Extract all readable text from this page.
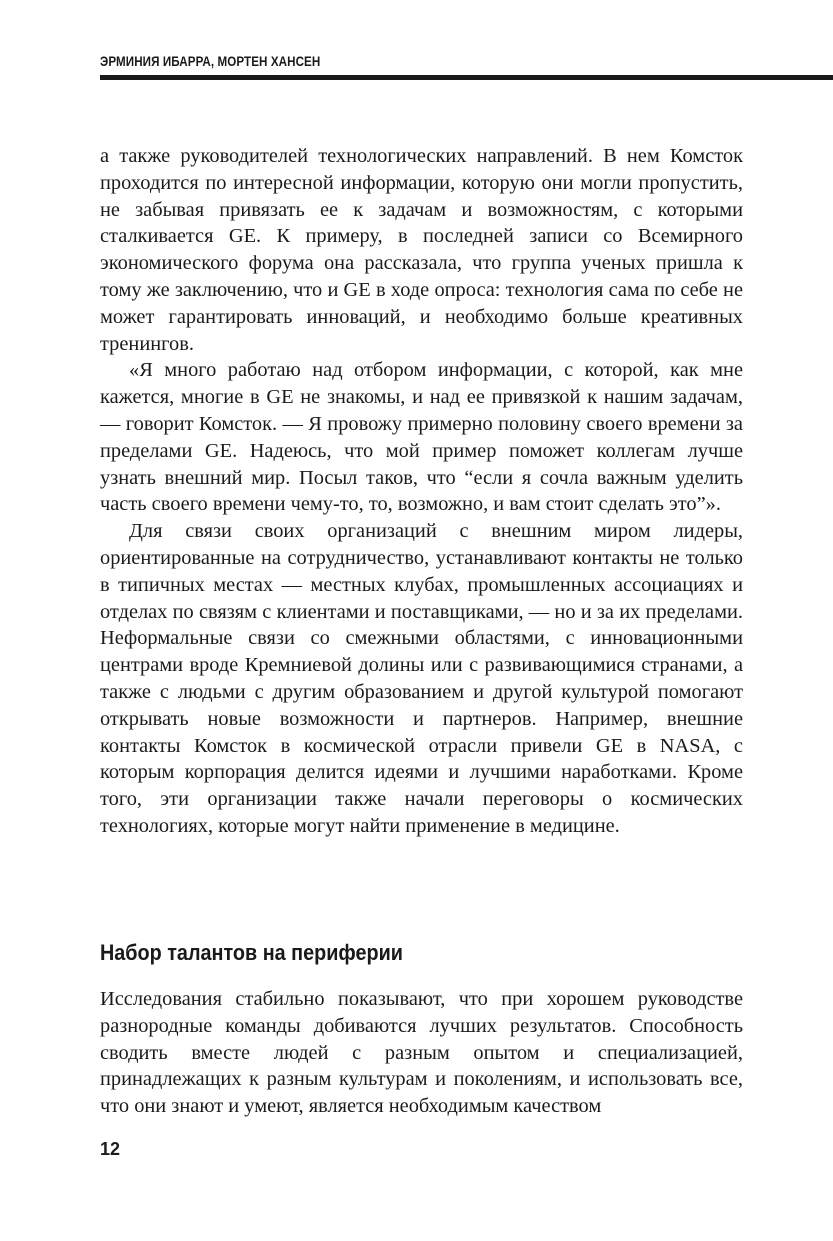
ЭРМИНИЯ ИБАРРА, МОРТЕН ХАНСЕН

а также руководителей технологических направлений. В нем Комсток проходится по интересной информации, которую они могли пропустить, не забывая привязать ее к задачам и возможностям, с которыми сталкивается GE. К примеру, в последней записи со Всемирного экономического форума она рассказала, что группа ученых пришла к тому же заключению, что и GE в ходе опроса: технология сама по себе не может гарантировать инноваций, и необходимо больше креативных тренингов.

«Я много работаю над отбором информации, с которой, как мне кажется, многие в GE не знакомы, и над ее привязкой к нашим задачам, — говорит Комсток. — Я провожу примерно половину своего времени за пределами GE. Надеюсь, что мой пример поможет коллегам лучше узнать внешний мир. Посыл таков, что “если я сочла важным уделить часть своего времени чему-то, то, возможно, и вам стоит сделать это”».

Для связи своих организаций с внешним миром лидеры, ориентированные на сотрудничество, устанавливают контакты не только в типичных местах — местных клубах, промышленных ассоциациях и отделах по связям с клиентами и поставщиками, — но и за их пределами. Неформальные связи со смежными областями, с инновационными центрами вроде Кремниевой долины или с развивающимися странами, а также с людьми с другим образованием и другой культурой помогают открывать новые возможности и партнеров. Например, внешние контакты Комсток в космической отрасли привели GE в NASA, с которым корпорация делится идеями и лучшими наработками. Кроме того, эти организации также начали переговоры о космических технологиях, которые могут найти применение в медицине.

Набор талантов на периферии

Исследования стабильно показывают, что при хорошем руководстве разнородные команды добиваются лучших результатов. Способность сводить вместе людей с разным опытом и специализацией, принадлежащих к разным культурам и поколениям, и использовать все, что они знают и умеют, является необходимым качеством

12
